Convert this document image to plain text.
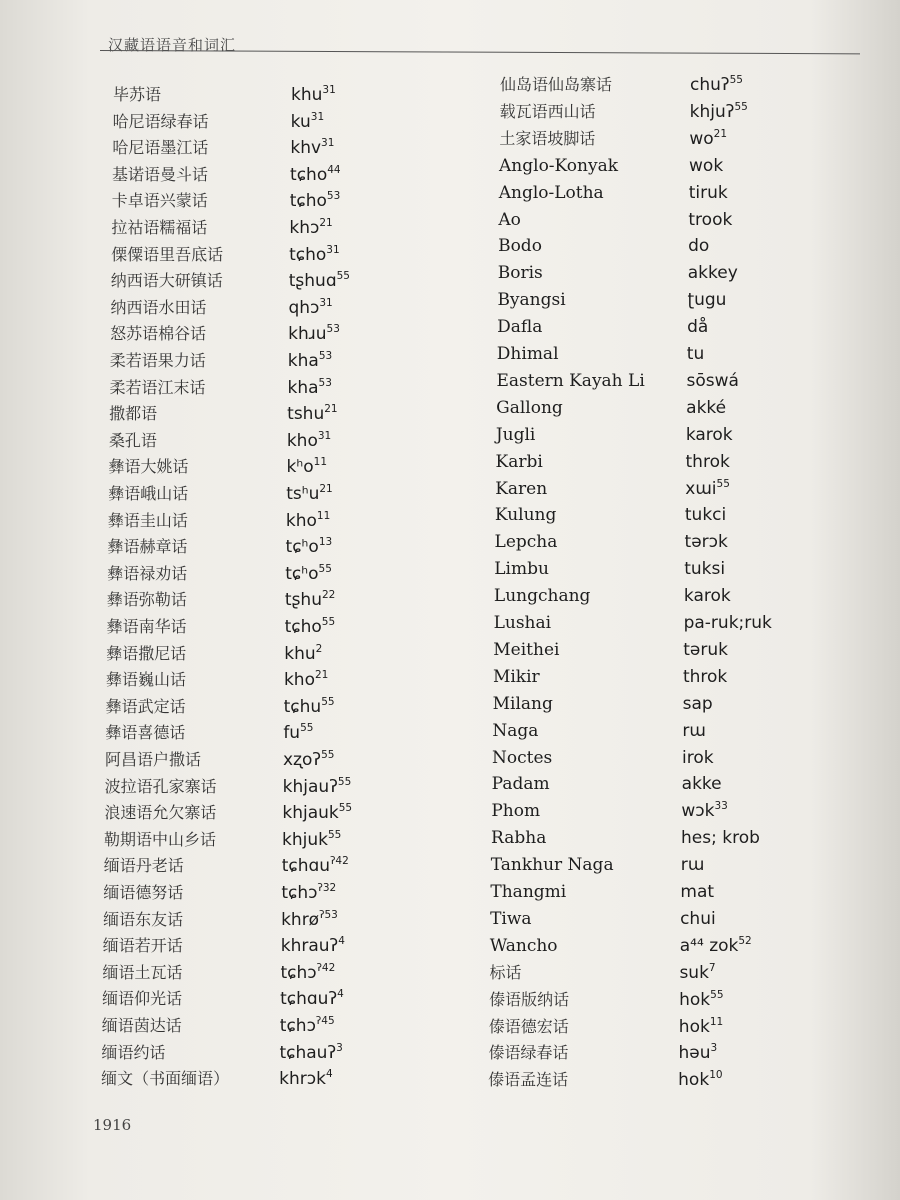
汉藏语语音和词汇
毕苏语	khu$^{31}$
哈尼语绿春话	$ku^{31}$
哈尼语墨江话	khv$^{31}$
基诺语曼斗话	tɕho$^{44}$
卡卓语兴蒙话	tɕho$^{53}$
拉祜语糯福话	khɔ$^{21}$
傈僳语里吾底话	tɕho$^{31}$
纳西语大研镇话	tʂhuɑ$^{55}$
纳西语水田话	qhɔ$^{31}$
怒苏语棉谷话	khɹu$^{53}$
柔若语果力话	kha$^{53}$
柔若语江末话	kha$^{53}$
撒都语	tshu$^{21}$
桑孔语	kho$^{31}$
彝语大姚话	kʰo$^{11}$
彝语峨山话	tsʰu$^{21}$
彝语圭山话	kho$^{11}$
彝语赫章话	tɕʰo$^{13}$
彝语禄劝话	tɕʰo$^{55}$
彝语弥勒话	tʂhu$^{22}$
彝语南华话	tɕho$^{55}$
彝语撒尼话	khu$^2$
彝语巍山话	kho$^{21}$
彝语武定话	tɕhu$^{55}$
彝语喜德话	$fu^{55}$
阿昌语户撒话	xʐoʔ$^{55}$
波拉语孔家寨话	khjauʔ$^{55}$
浪速语允欠寨话	khjauk$^{55}$
勒期语中山乡话	khjuk$^{55}$
缅语丹老话	tɕhɑu$^{ʔ42}$
缅语德努话	tɕhɔ$^{ʔ32}$
缅语东友话	khrø$^{ʔ53}$
缅语若开话	khrauʔ$^4$
缅语土瓦话	tɕhɔ$^{ʔ42}$
缅语仰光话	tɕhɑuʔ$^4$
缅语茵达话	tɕhɔ$^{ʔ45}$
缅语约话	tɕhauʔ$^3$
缅文（书面缅语）	khrɔk$^4$
仙岛语仙岛寨话	chuʔ$^{55}$
载瓦语西山话	khjuʔ$^{55}$
土家语坡脚话	$wo^{21}$
Anglo-Konyak	wok
Anglo-Lotha	tiruk
Ao	trook
Bodo	do
Boris	akkey
Byangsi	ʈugu
Dafla	då
Dhimal	tu
Eastern Kayah Li sōswá
Gallong	akké
Jugli	karok
Karbi	throk
Karen	xɯi$^{55}$
Kulung	tukci
Lepcha	tərɔk
Limbu	tuksi
Lungchang	karok
Lushai	pa-ruk;ruk
Meithei	təruk
Mikir	throk
Milang	sap
Naga	rɯ
Noctes	irok
Padam	akke
Phom	wɔk$^{33}$
Rabha	hes; krob
Tankhur Naga	rɯ
Thangmi	mat
Tiwa	chui
Wancho	a⁴⁴ zok$^{52}$
标话	suk$^7$
傣语版纳话	hok$^{55}$
傣语德宏话	hok$^{11}$
傣语绿春话	həu$^3$
傣语孟连话	hok$^{10}$
1916
